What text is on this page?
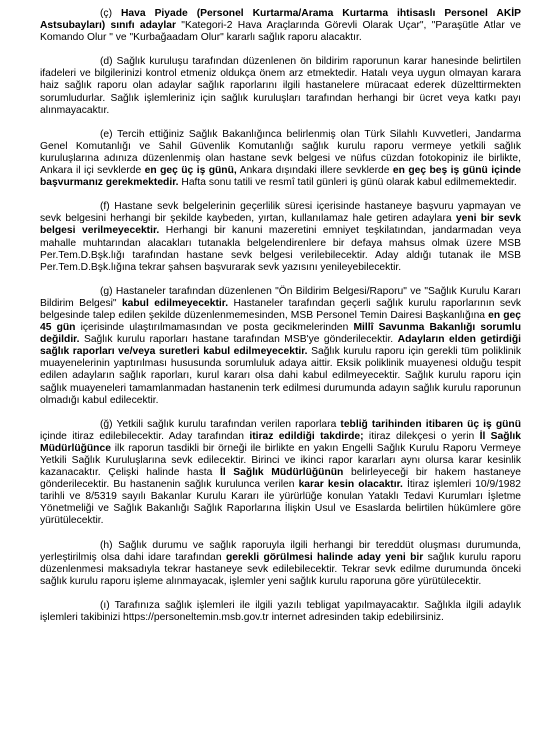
(ç) Hava Piyade (Personel Kurtarma/Arama Kurtarma ihtisaslı Personel AKİP Astsubayları) sınıfı adaylar "Kategori-2 Hava Araçlarında Görevli Olarak Uçar", "Paraşütle Atlar ve Komando Olur " ve "Kurbağaadam Olur" kararlı sağlık raporu alacaktır.

(d) Sağlık kuruluşu tarafından düzenlenen ön bildirim raporunun karar hanesinde belirtilen ifadeleri ve bilgilerinizi kontrol etmeniz oldukça önem arz etmektedir. Hatalı veya uygun olmayan karara haiz sağlık raporu olan adaylar sağlık raporlarını ilgili hastanelere müracaat ederek düzelttirmekten sorumludurlar. Sağlık işlemleriniz için sağlık kuruluşları tarafından herhangi bir ücret veya katkı payı alınmayacaktır.

(e) Tercih ettiğiniz Sağlık Bakanlığınca belirlenmiş olan Türk Silahlı Kuvvetleri, Jandarma Genel Komutanlığı ve Sahil Güvenlik Komutanlığı sağlık kurulu raporu vermeye yetkili sağlık kuruluşlarına adınıza düzenlenmiş olan hastane sevk belgesi ve nüfus cüzdan fotokopiniz ile birlikte, Ankara il içi sevklerde en geç üç iş günü, Ankara dışındaki illere sevklerde en geç beş iş günü içinde başvurmanız gerekmektedir. Hafta sonu tatili ve resmî tatil günleri iş günü olarak kabul edilmemektedir.

(f) Hastane sevk belgelerinin geçerlilik süresi içerisinde hastaneye başvuru yapmayan ve sevk belgesini herhangi bir şekilde kaybeden, yırtan, kullanılamaz hale getiren adaylara yeni bir sevk belgesi verilmeyecektir. Herhangi bir kanuni mazeretini emniyet teşkilatından, jandarmadan veya mahalle muhtarından alacakları tutanakla belgelendirenlere bir defaya mahsus olmak üzere MSB Per.Tem.D.Bşk.lığı tarafından hastane sevk belgesi verilebilecektir. Aday aldığı tutanak ile MSB Per.Tem.D.Bşk.lığına tekrar şahsen başvurarak sevk yazısını yenileyebilecektir.

(g) Hastaneler tarafından düzenlenen "Ön Bildirim Belgesi/Raporu" ve "Sağlık Kurulu Kararı Bildirim Belgesi" kabul edilmeyecektir. Hastaneler tarafından geçerli sağlık kurulu raporlarının sevk belgesinde talep edilen şekilde düzenlenmemesinden, MSB Personel Temin Dairesi Başkanlığına en geç 45 gün içerisinde ulaştırılmamasından ve posta gecikmelerinden Millî Savunma Bakanlığı sorumlu değildir. Sağlık kurulu raporları hastane tarafından MSB'ye gönderilecektir. Adayların elden getirdiği sağlık raporları ve/veya suretleri kabul edilmeyecektir. Sağlık kurulu raporu için gerekli tüm poliklinik muayenelerinin yaptırılması hususunda sorumluluk adaya aittir. Eksik poliklinik muayenesi olduğu tespit edilen adayların sağlık raporları, kurul kararı olsa dahi kabul edilmeyecektir. Sağlık kurulu raporu için sağlık muayeneleri tamamlanmadan hastanenin terk edilmesi durumunda adayın sağlık kurulu raporunun olmadığı kabul edilecektir.

(ğ) Yetkili sağlık kurulu tarafından verilen raporlara tebliğ tarihinden itibaren üç iş günü içinde itiraz edilebilecektir. Aday tarafından itiraz edildiği takdirde; itiraz dilekçesi o yerin İl Sağlık Müdürlüğünce ilk raporun tasdikli bir örneği ile birlikte en yakın Engelli Sağlık Kurulu Raporu Vermeye Yetkili Sağlık Kuruluşlarına sevk edilecektir. Birinci ve ikinci rapor kararları aynı olursa karar kesinlik kazanacaktır. Çelişki halinde hasta İl Sağlık Müdürlüğünün belirleyeceği bir hakem hastaneye gönderilecektir. Bu hastanenin sağlık kurulunca verilen karar kesin olacaktır. İtiraz işlemleri 10/9/1982 tarihli ve 8/5319 sayılı Bakanlar Kurulu Kararı ile yürürlüğe konulan Yataklı Tedavi Kurumları İşletme Yönetmeliği ve Sağlık Bakanlığı Sağlık Raporlarına İlişkin Usul ve Esaslarda belirtilen hükümlere göre yürütülecektir.

(h) Sağlık durumu ve sağlık raporuyla ilgili herhangi bir tereddüt oluşması durumunda, yerleştirilmiş olsa dahi idare tarafından gerekli görülmesi halinde aday yeni bir sağlık kurulu raporu düzenlenmesi maksadıyla tekrar hastaneye sevk edilebilecektir. Tekrar sevk edilme durumunda önceki sağlık kurulu raporu işleme alınmayacak, işlemler yeni sağlık kurulu raporuna göre yürütülecektir.

(ı) Tarafınıza sağlık işlemleri ile ilgili yazılı tebligat yapılmayacaktır. Sağlıkla ilgili adaylık işlemleri takibinizi https://personeltemin.msb.gov.tr internet adresinden takip edebilirsiniz.
